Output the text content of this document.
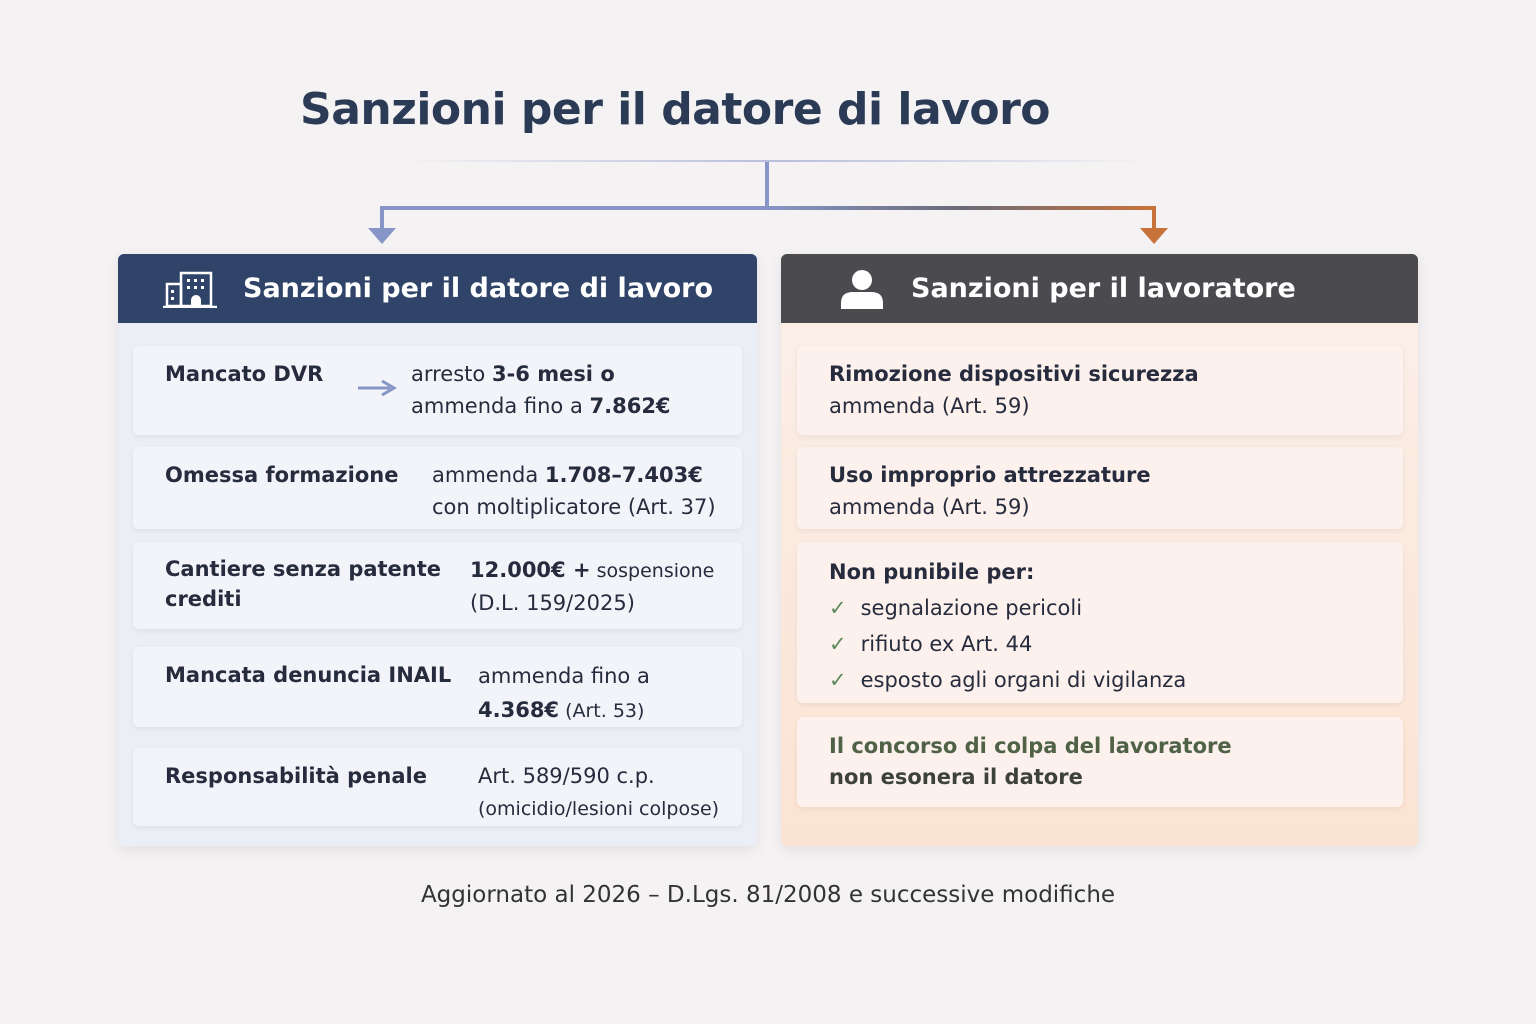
Sanzioni per il datore di lavoro
Sanzioni per il datore di lavoro
Mancato DVR	arresto 3-6 mesi o
ammenda fino a 7.862€
Omessa formazione ammenda 1.708–7.403€
con moltiplicatore (Art. 37)
Cantiere senza patente
crediti
12.000€ + sospensione
(D.L. 159/2025)
Mancata denuncia INAIL ammenda fino a
4.368€ (Art. 53)
Responsabilità penale Art. 589/590 c.p.
(omicidio/lesioni colpose)
Sanzioni per il lavoratore
Rimozione dispositivi sicurezza
ammenda (Art. 59)
Uso improprio attrezzature
ammenda (Art. 59)
Non punibile per:
✓ segnalazione pericoli
✓ rifiuto ex Art. 44
✓ esposto agli organi di vigilanza
Il concorso di colpa del lavoratore
non esonera il datore
Aggiornato al 2026 – D.Lgs. 81/2008 e successive modifiche
